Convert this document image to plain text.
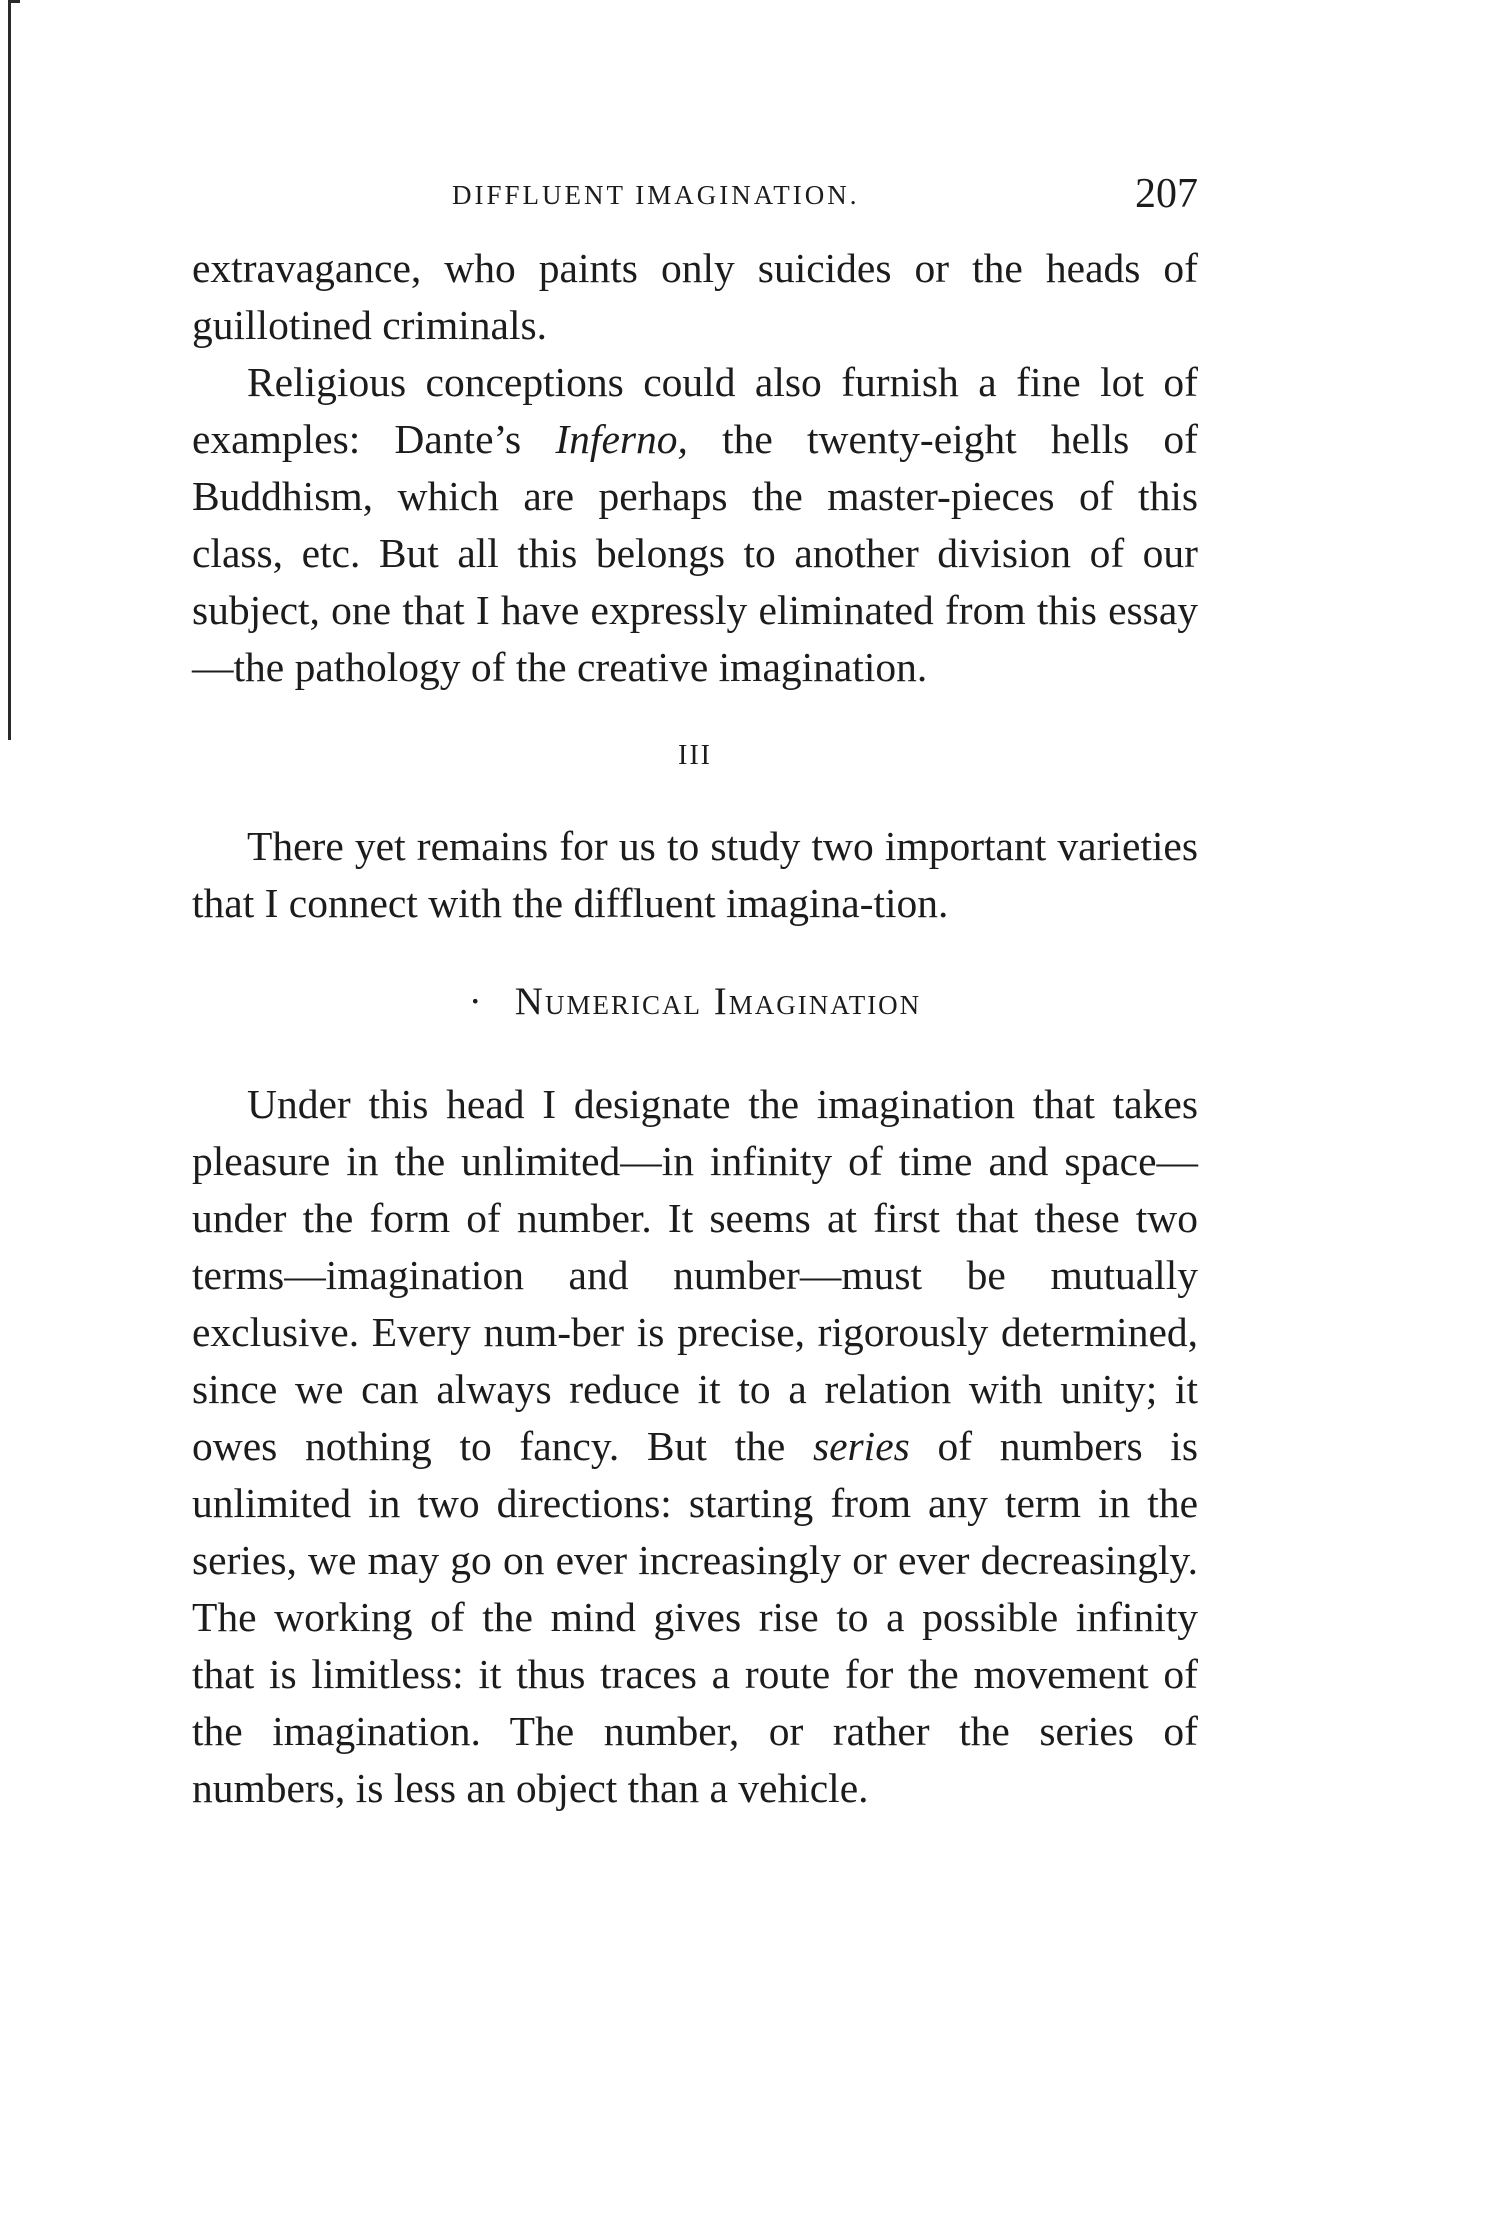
DIFFLUENT IMAGINATION.	207

extravagance, who paints only suicides or the heads of guillotined criminals.

Religious conceptions could also furnish a fine lot of examples: Dante’s Inferno, the twenty-eight hells of Buddhism, which are perhaps the master-pieces of this class, etc. But all this belongs to another division of our subject, one that I have expressly eliminated from this essay—the pathology of the creative imagination.

III

There yet remains for us to study two important varieties that I connect with the diffluent imagina-tion.

· Numerical Imagination

Under this head I designate the imagination that takes pleasure in the unlimited—in infinity of time and space—under the form of number. It seems at first that these two terms—imagination and number—must be mutually exclusive. Every num-ber is precise, rigorously determined, since we can always reduce it to a relation with unity; it owes nothing to fancy. But the series of numbers is unlimited in two directions: starting from any term in the series, we may go on ever increasingly or ever decreasingly. The working of the mind gives rise to a possible infinity that is limitless: it thus traces a route for the movement of the imagination. The number, or rather the series of numbers, is less an object than a vehicle.
